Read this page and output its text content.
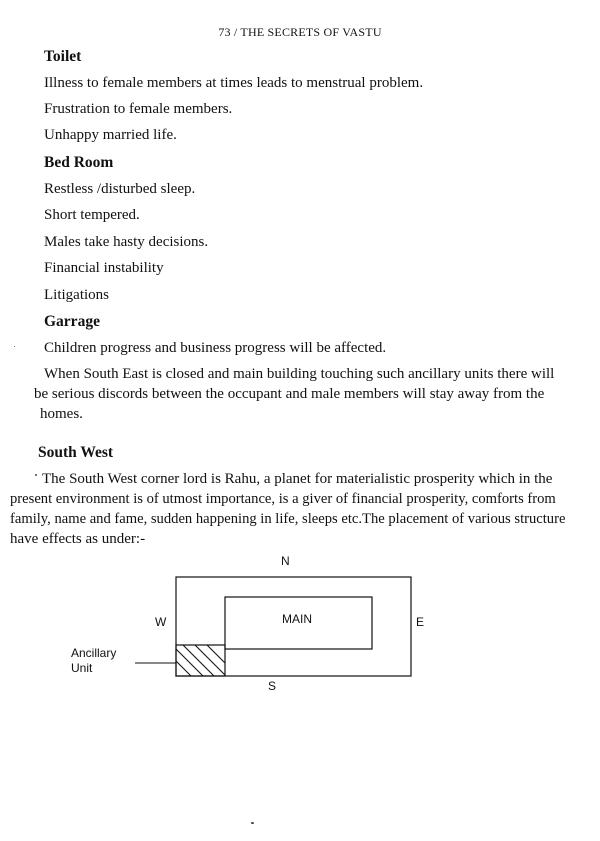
73 / THE SECRETS OF VASTU
Toilet
Illness to female members at times leads to menstrual problem.
Frustration to female members.
Unhappy married life.
Bed Room
Restless /disturbed sleep.
Short tempered.
Males take hasty decisions.
Financial instability
Litigations
Garrage
Children progress and business progress will be affected.
When South East is closed and main building touching such ancillary units there will
be serious discords between the occupant and male members will stay away from the
homes.
South West
The South West corner lord is Rahu, a planet for materialistic prosperity which in the
present environment is of utmost importance, is a giver of financial prosperity, comforts from
family, name and fame, sudden happening in life, sleeps etc.The placement of various structure
have effects as under:-
N
W	E
S
MAIN
Ancillary
Unit
